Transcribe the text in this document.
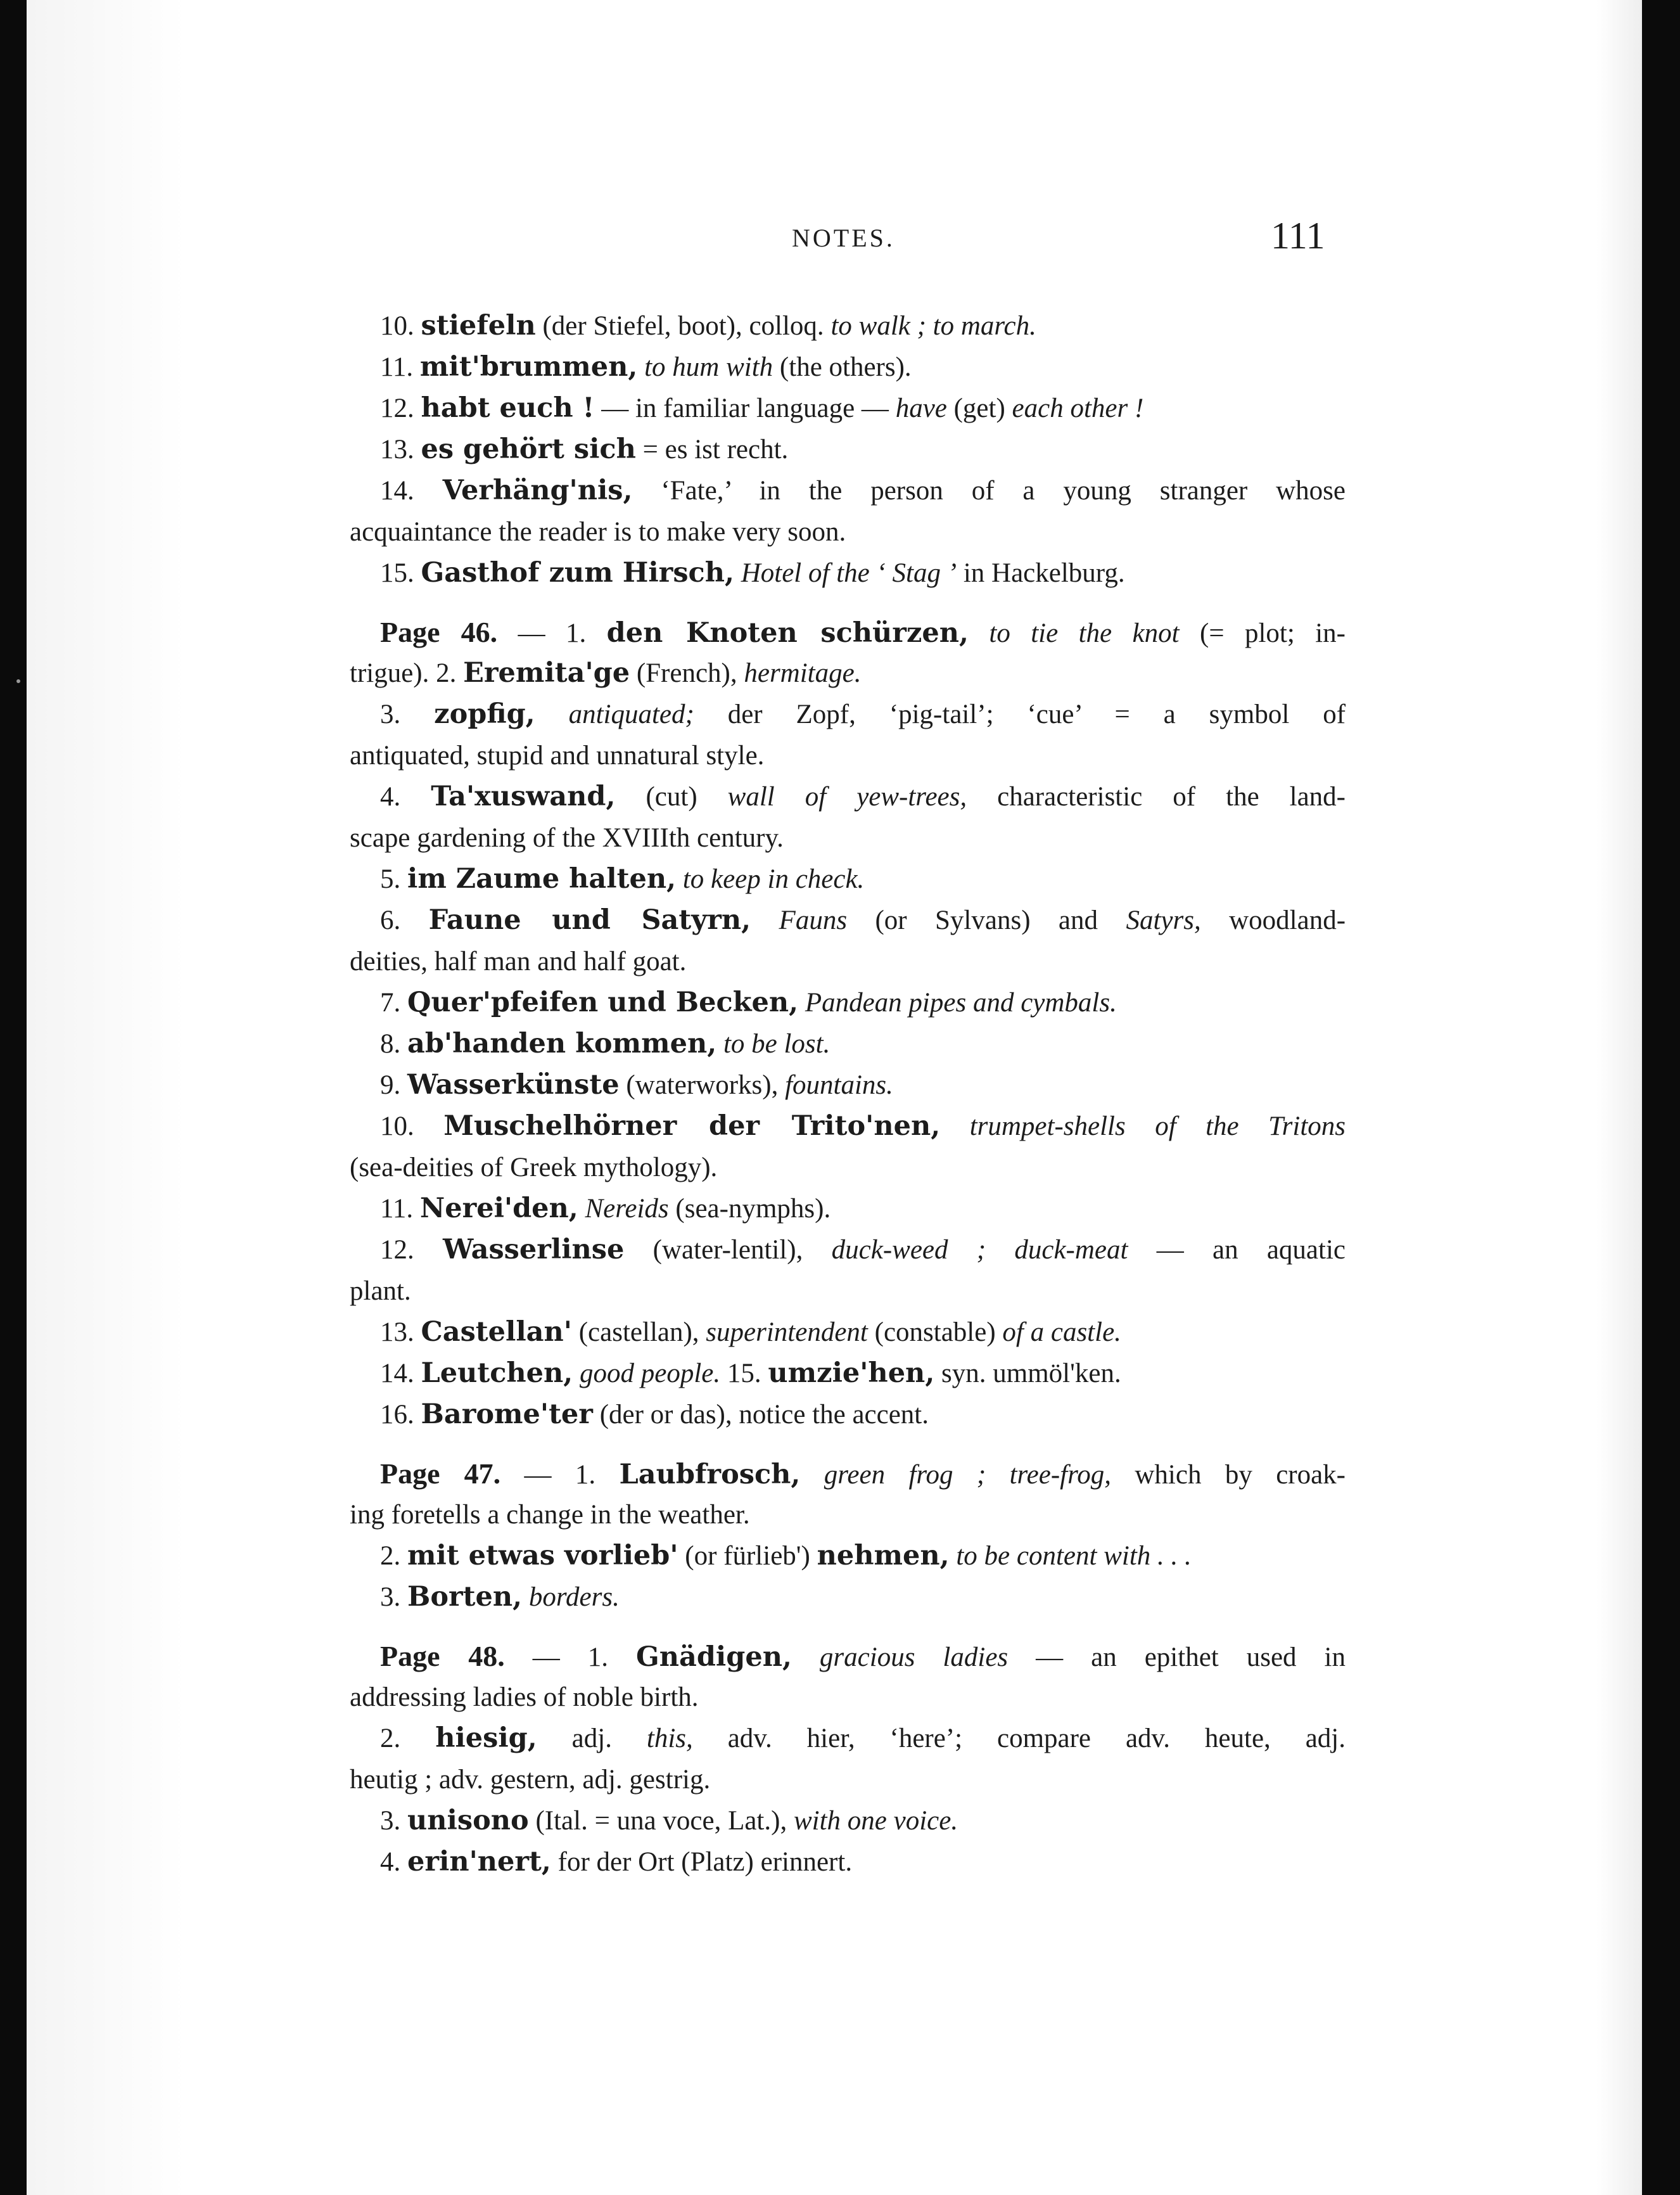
NOTES.	111
10. stiefeln (der Stiefel, boot), colloq. to walk ; to march.
11. mit'brummen, to hum with (the others).
12. habt euch ! — in familiar language — have (get) each other !
13. es gehört sich = es ist recht.
14. Verhäng'nis, ‘Fate,’ in the person of a young stranger whose
acquaintance the reader is to make very soon.
15. Gasthof zum Hirsch, Hotel of the ‘ Stag ’ in Hackelburg.
Page 46. — 1. den Knoten schürzen, to tie the knot (= plot; in-
trigue). 2. Eremita'ge (French), hermitage.
3. zopfig, antiquated; der Zopf, ‘pig-tail’; ‘cue’ = a symbol of
antiquated, stupid and unnatural style.
4. Ta'xuswand, (cut) wall of yew-trees, characteristic of the land-
scape gardening of the XVIIIth century.
5. im Zaume halten, to keep in check.
6. Faune und Satyrn, Fauns (or Sylvans) and Satyrs, woodland-
deities, half man and half goat.
7. Quer'pfeifen und Becken, Pandean pipes and cymbals.
8. ab'handen kommen, to be lost.
9. Wasserkünste (waterworks), fountains.
10. Muschelhörner der Trito'nen, trumpet-shells of the Tritons
(sea-deities of Greek mythology).
11. Nerei'den, Nereids (sea-nymphs).
12. Wasserlinse (water-lentil), duck-weed ; duck-meat — an aquatic
plant.
13. Castellan' (castellan), superintendent (constable) of a castle.
14. Leutchen, good people. 15. umzie'hen, syn. ummöl'ken.
16. Barome'ter (der or das), notice the accent.
Page 47. — 1. Laubfrosch, green frog ; tree-frog, which by croak-
ing foretells a change in the weather.
2. mit etwas vorlieb' (or fürlieb') nehmen, to be content with . . .
3. Borten, borders.
Page 48. — 1. Gnädigen, gracious ladies — an epithet used in
addressing ladies of noble birth.
2. hiesig, adj. this, adv. hier, ‘here’; compare adv. heute, adj.
heutig ; adv. gestern, adj. gestrig.
3. unisono (Ital. = una voce, Lat.), with one voice.
4. erin'nert, for der Ort (Platz) erinnert.
